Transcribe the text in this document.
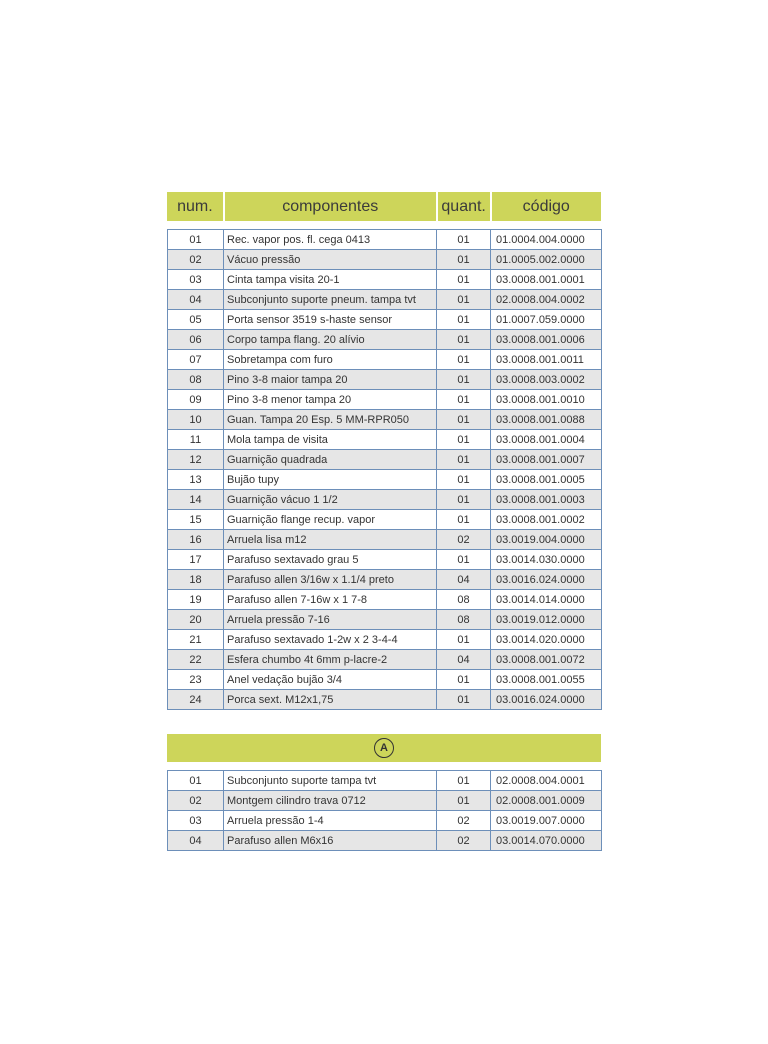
num.	componentes	quant.	código
01	Rec. vapor pos. fl. cega 0413	01	01.0004.004.0000
02	Vácuo pressão	01	01.0005.002.0000
03	Cinta tampa visita 20-1	01	03.0008.001.0001
04	Subconjunto suporte pneum. tampa tvt	01	02.0008.004.0002
05	Porta sensor 3519 s-haste sensor	01	01.0007.059.0000
06	Corpo tampa flang. 20 alívio	01	03.0008.001.0006
07	Sobretampa com furo	01	03.0008.001.0011
08	Pino 3-8 maior tampa 20	01	03.0008.003.0002
09	Pino 3-8 menor tampa 20	01	03.0008.001.0010
10	Guan. Tampa 20 Esp. 5 MM-RPR050	01	03.0008.001.0088
11	Mola tampa de visita	01	03.0008.001.0004
12	Guarnição quadrada	01	03.0008.001.0007
13	Bujão tupy	01	03.0008.001.0005
14	Guarnição vácuo 1 1/2	01	03.0008.001.0003
15	Guarnição flange recup. vapor	01	03.0008.001.0002
16	Arruela lisa m12	02	03.0019.004.0000
17	Parafuso sextavado grau 5	01	03.0014.030.0000
18	Parafuso allen 3/16w x 1.1/4 preto	04	03.0016.024.0000
19	Parafuso allen 7-16w x 1 7-8	08	03.0014.014.0000
20	Arruela pressão 7-16	08	03.0019.012.0000
21	Parafuso sextavado 1-2w x 2 3-4-4	01	03.0014.020.0000
22	Esfera chumbo 4t 6mm p-lacre-2	04	03.0008.001.0072
23	Anel vedação bujão 3/4	01	03.0008.001.0055
24	Porca sext. M12x1,75	01	03.0016.024.0000
A
01	Subconjunto suporte tampa tvt	01	02.0008.004.0001
02	Montgem cilindro trava 0712	01	02.0008.001.0009
03	Arruela pressão 1-4	02	03.0019.007.0000
04	Parafuso allen M6x16	02	03.0014.070.0000
